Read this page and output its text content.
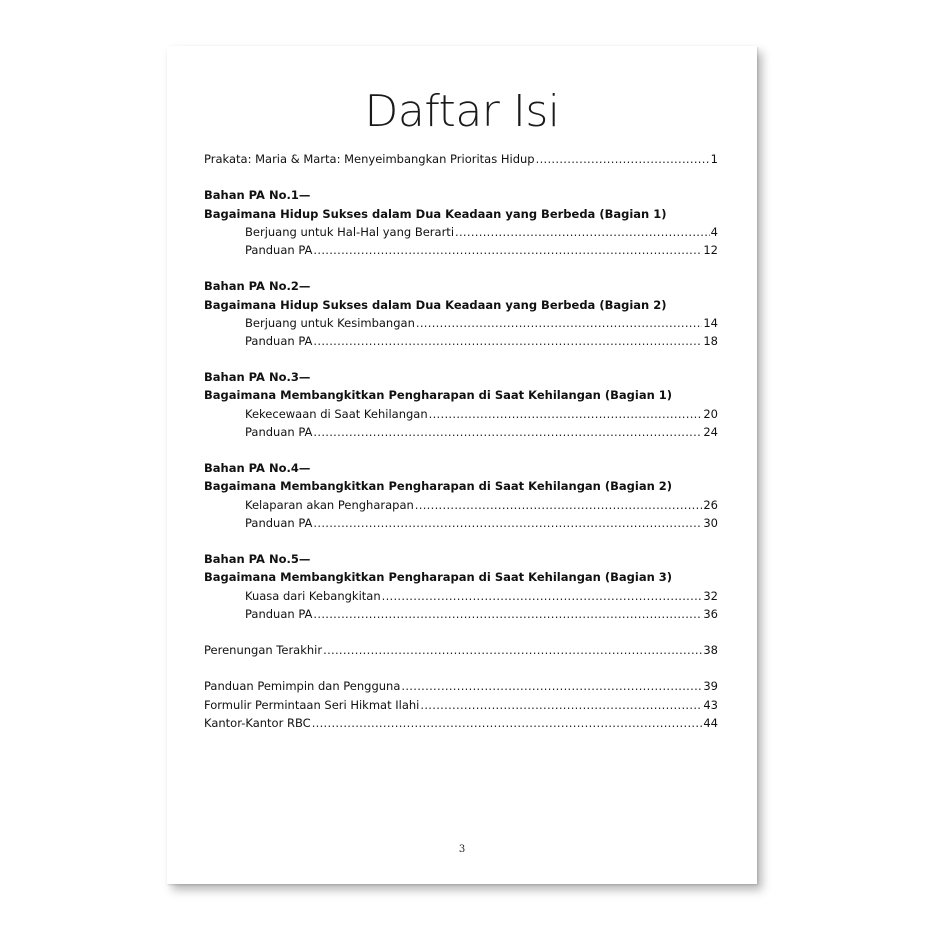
Daftar Isi
Prakata: Maria & Marta: Menyeimbangkan Prioritas Hidup .....	1
Bahan PA No.1—
Bagaimana Hidup Sukses dalam Dua Keadaan yang Berbeda (Bagian 1)
Berjuang untuk Hal-Hal yang Berarti .....	4
Panduan PA .....	12
Bahan PA No.2—
Bagaimana Hidup Sukses dalam Dua Keadaan yang Berbeda (Bagian 2)
Berjuang untuk Kesimbangan .....	14
Panduan PA .....	18
Bahan PA No.3—
Bagaimana Membangkitkan Pengharapan di Saat Kehilangan (Bagian 1)
Kekecewaan di Saat Kehilangan .....	20
Panduan PA .....	24
Bahan PA No.4—
Bagaimana Membangkitkan Pengharapan di Saat Kehilangan (Bagian 2)
Kelaparan akan Pengharapan .....	26
Panduan PA .....	30
Bahan PA No.5—
Bagaimana Membangkitkan Pengharapan di Saat Kehilangan (Bagian 3)
Kuasa dari Kebangkitan .....	32
Panduan PA .....	36
Perenungan Terakhir .....	38
Panduan Pemimpin dan Pengguna .....	39
Formulir Permintaan Seri Hikmat Ilahi .....	43
Kantor-Kantor RBC .....	44
3
